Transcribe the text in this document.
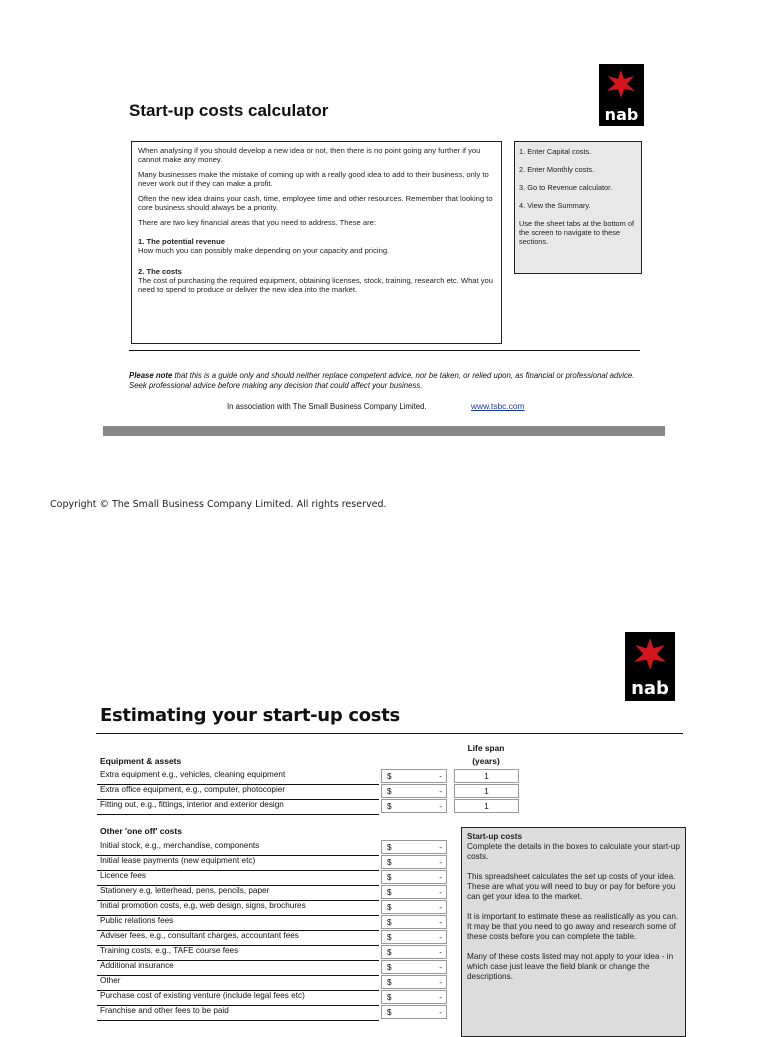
nab
Start-up costs calculator

When analysing if you should develop a new idea or not, then there is no point going any further if you cannot make any money.

Many businesses make the mistake of coming up with a really good idea to add to their business, only to never work out if they can make a profit.

Often the new idea drains your cash, time, employee time and other resources. Remember that looking to core business should always be a priority.

There are two key financial areas that you need to address. These are:

1. The potential revenue

How much you can possibly make depending on your capacity and pricing.

2. The costs

The cost of purchasing the required equipment, obtaining licenses, stock, training, research etc. What you need to spend to produce or deliver the new idea into the market.

1. Enter Capital costs.
2. Enter Monthly costs.
3. Go to Revenue calculator.
4. View the Summary.
Use the sheet tabs at the bottom of the screen to navigate to these sections.
Please note that this is a guide only and should neither replace competent advice, nor be taken, or relied upon, as financial or professional advice. Seek professional advice before making any decision that could affect your business.
In association with The Small Business Company Limited.	www.tsbc.com
Copyright © The Small Business Company Limited. All rights reserved.
nab
Estimating your start-up costs
Life span
(years)
Equipment & assets
Extra equipment e.g., vehicles, cleaning equipment	$	-	1
Extra office equipment, e.g., computer, photocopier	$	-	1
Fitting out, e.g., fittings, interior and exterior design	$	-	1
Other 'one off' costs
Initial stock, e.g., merchandise, components	$	-
Initial lease payments (new equipment etc)	$	-
Licence fees	$	-
Stationery e.g, letterhead, pens, pencils, paper	$	-
Initial promotion costs, e.g, web design, signs, brochures	$	-
Public relations fees	$	-
Adviser fees, e.g., consultant charges, accountant fees	$	-
Training costs, e.g., TAFE course fees	$	-
Additional insurance	$	-
Other	$	-
Purchase cost of existing venture (include legal fees etc)	$	-
Franchise and other fees to be paid	$	-
Start-up costs

Complete the details in the boxes to calculate your start-up costs.

This spreadsheet calculates the set up costs of your idea. These are what you will need to buy or pay for before you can get your idea to the market.

It is important to estimate these as realistically as you can. It may be that you need to go away and research some of these costs before you can complete the table.

Many of these costs listed may not apply to your idea - in which case just leave the field blank or change the descriptions.
